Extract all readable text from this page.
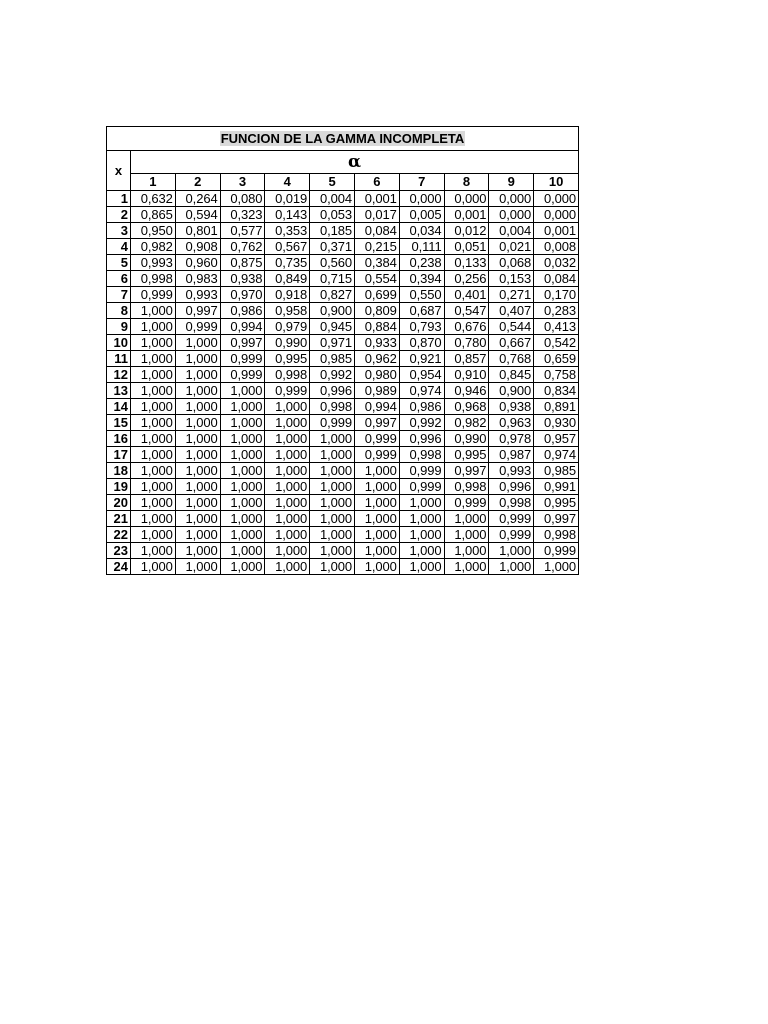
FUNCION DE LA GAMMA INCOMPLETA										
x	α									
	1	2	3	4	5	6	7	8	9	10
1	0,632	0,264	0,080	0,019	0,004	0,001	0,000	0,000	0,000	0,000
2	0,865	0,594	0,323	0,143	0,053	0,017	0,005	0,001	0,000	0,000
3	0,950	0,801	0,577	0,353	0,185	0,084	0,034	0,012	0,004	0,001
4	0,982	0,908	0,762	0,567	0,371	0,215	0,111	0,051	0,021	0,008
5	0,993	0,960	0,875	0,735	0,560	0,384	0,238	0,133	0,068	0,032
6	0,998	0,983	0,938	0,849	0,715	0,554	0,394	0,256	0,153	0,084
7	0,999	0,993	0,970	0,918	0,827	0,699	0,550	0,401	0,271	0,170
8	1,000	0,997	0,986	0,958	0,900	0,809	0,687	0,547	0,407	0,283
9	1,000	0,999	0,994	0,979	0,945	0,884	0,793	0,676	0,544	0,413
10	1,000	1,000	0,997	0,990	0,971	0,933	0,870	0,780	0,667	0,542
11	1,000	1,000	0,999	0,995	0,985	0,962	0,921	0,857	0,768	0,659
12	1,000	1,000	0,999	0,998	0,992	0,980	0,954	0,910	0,845	0,758
13	1,000	1,000	1,000	0,999	0,996	0,989	0,974	0,946	0,900	0,834
14	1,000	1,000	1,000	1,000	0,998	0,994	0,986	0,968	0,938	0,891
15	1,000	1,000	1,000	1,000	0,999	0,997	0,992	0,982	0,963	0,930
16	1,000	1,000	1,000	1,000	1,000	0,999	0,996	0,990	0,978	0,957
17	1,000	1,000	1,000	1,000	1,000	0,999	0,998	0,995	0,987	0,974
18	1,000	1,000	1,000	1,000	1,000	1,000	0,999	0,997	0,993	0,985
19	1,000	1,000	1,000	1,000	1,000	1,000	0,999	0,998	0,996	0,991
20	1,000	1,000	1,000	1,000	1,000	1,000	1,000	0,999	0,998	0,995
21	1,000	1,000	1,000	1,000	1,000	1,000	1,000	1,000	0,999	0,997
22	1,000	1,000	1,000	1,000	1,000	1,000	1,000	1,000	0,999	0,998
23	1,000	1,000	1,000	1,000	1,000	1,000	1,000	1,000	1,000	0,999
24	1,000	1,000	1,000	1,000	1,000	1,000	1,000	1,000	1,000	1,000
